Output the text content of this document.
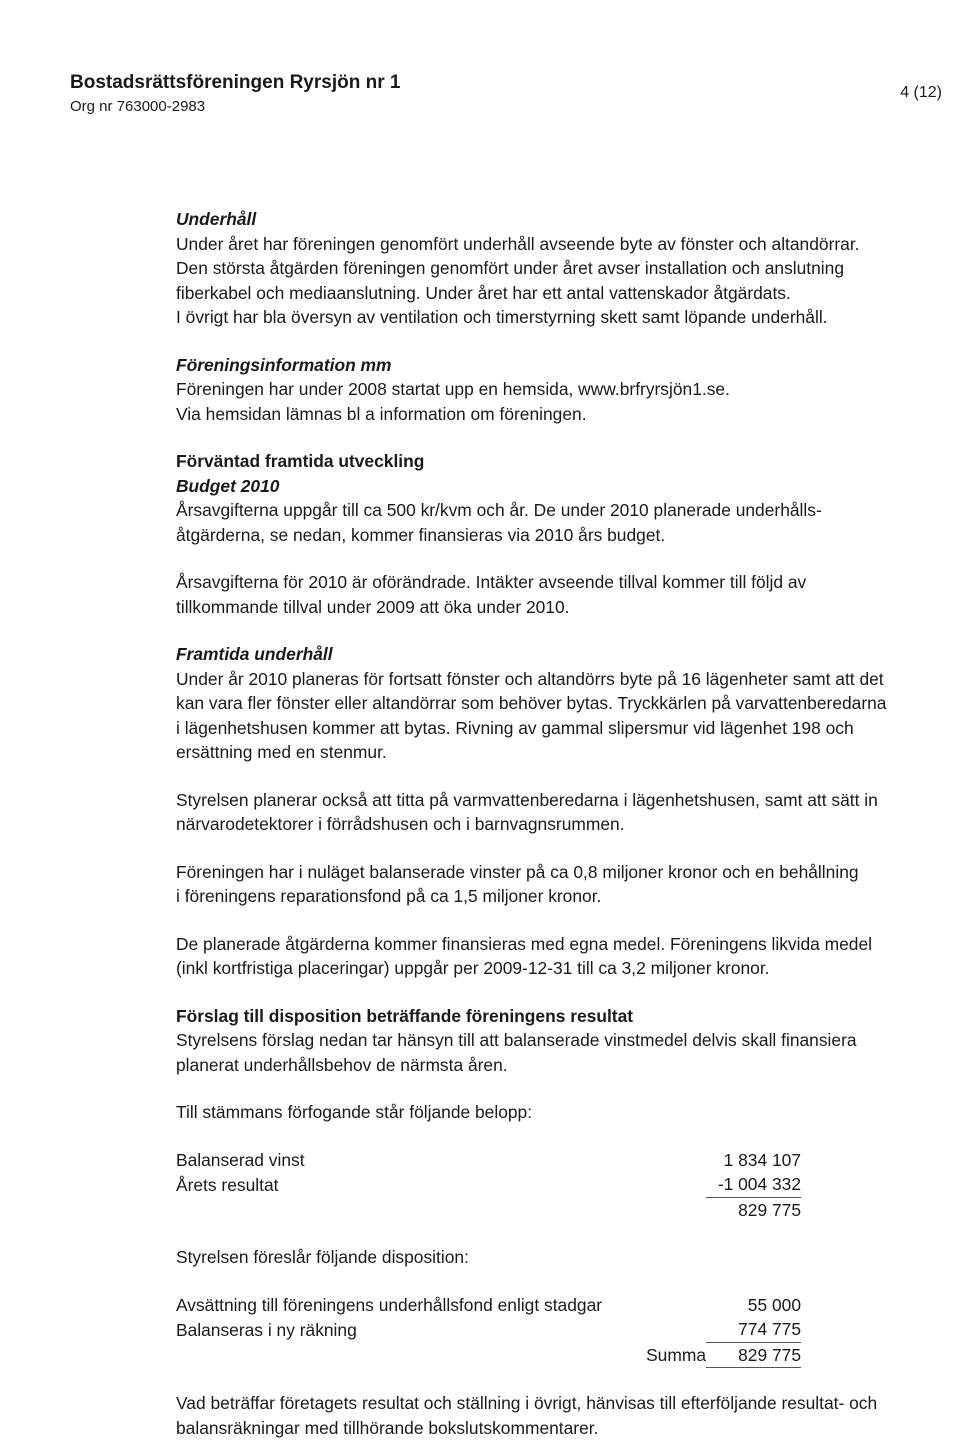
Bostadsrättsföreningen Ryrsjön nr 1
Org nr 763000-2983
4 (12)

Underhåll

Under året har föreningen genomfört underhåll avseende byte av fönster och altandörrar.

Den största åtgärden föreningen genomfört under året avser installation och anslutning

fiberkabel och mediaanslutning. Under året har ett antal vattenskador åtgärdats.

I övrigt har bla översyn av ventilation och timerstyrning skett samt löpande underhåll.

Föreningsinformation mm

Föreningen har under 2008 startat upp en hemsida, www.brfryrsjön1.se.

Via hemsidan lämnas bl a information om föreningen.

Förväntad framtida utveckling

Budget 2010

Årsavgifterna uppgår till ca 500 kr/kvm och år. De under 2010 planerade underhålls-

åtgärderna, se nedan, kommer finansieras via 2010 års budget.

Årsavgifterna för 2010 är oförändrade. Intäkter avseende tillval kommer till följd av

tillkommande tillval under 2009 att öka under 2010.

Framtida underhåll

Under år 2010 planeras för fortsatt fönster och altandörrs byte på 16 lägenheter samt att det

kan vara fler fönster eller altandörrar som behöver bytas. Tryckkärlen på varvattenberedarna

i lägenhetshusen kommer att bytas. Rivning av gammal slipersmur vid lägenhet 198 och

ersättning med en stenmur.

Styrelsen planerar också att titta på varmvattenberedarna i lägenhetshusen, samt att sätt in

närvarodetektorer i förrådshusen och i barnvagnsrummen.

Föreningen har i nuläget balanserade vinster på ca 0,8 miljoner kronor och en behållning

i föreningens reparationsfond på ca 1,5 miljoner kronor.

De planerade åtgärderna kommer finansieras med egna medel. Föreningens likvida medel

(inkl kortfristiga placeringar) uppgår per 2009-12-31 till ca 3,2 miljoner kronor.

Förslag till disposition beträffande föreningens resultat

Styrelsens förslag nedan tar hänsyn till att balanserade vinstmedel delvis skall finansiera

planerat underhållsbehov de närmsta åren.

Till stämmans förfogande står följande belopp:

Balanserad vinst	1 834 107
Årets resultat	-1 004 332
	829 775

Styrelsen föreslår följande disposition:

Avsättning till föreningens underhållsfond enligt stadgar	55 000
Balanseras i ny räkning	774 775
Summa	829 775

Vad beträffar företagets resultat och ställning i övrigt, hänvisas till efterföljande resultat- och

balansräkningar med tillhörande bokslutskommentarer.
